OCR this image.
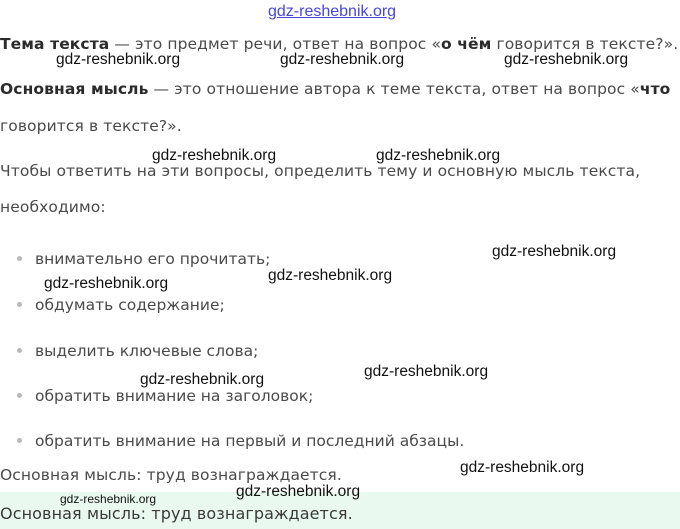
Тема текста — это предмет речи, ответ на вопрос «о чём говорится в тексте?».
Основная мысль — это отношение автора к теме текста, ответ на вопрос «что
говорится в тексте?».
Чтобы ответить на эти вопросы, определить тему и основную мысль текста,
необходимо:
внимательно его прочитать;
обдумать содержание;
выделить ключевые слова;
обратить внимание на заголовок;
обратить внимание на первый и последний абзацы.
Основная мысль: труд вознаграждается.
Основная мысль: труд вознаграждается.
gdz-reshebnik.org
gdz-reshebnik.org	gdz-reshebnik.org	gdz-reshebnik.org
gdz-reshebnik.org	gdz-reshebnik.org
gdz-reshebnik.org
gdz-reshebnik.org
gdz-reshebnik.org
gdz-reshebnik.org
gdz-reshebnik.org
gdz-reshebnik.org
gdz-reshebnik.org
gdz-reshebnik.org
